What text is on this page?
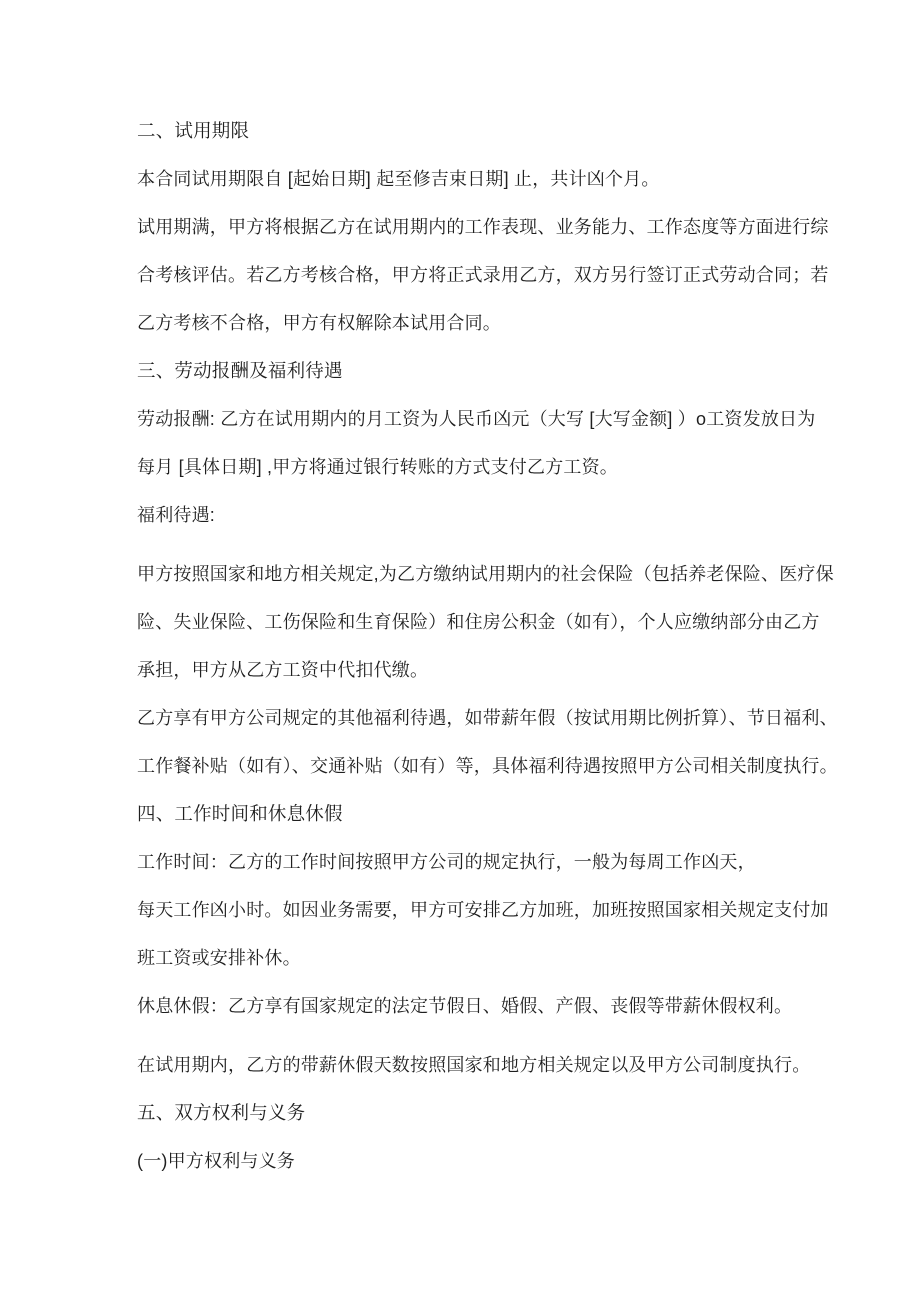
二、试用期限

本合同试用期限自 [起始日期] 起至修吉束日期] 止，共计凶个月。

试用期满，甲方将根据乙方在试用期内的工作表现、业务能力、工作态度等方面进行综
合考核评估。若乙方考核合格，甲方将正式录用乙方，双方另行签订正式劳动合同；若
乙方考核不合格，甲方有权解除本试用合同。

三、劳动报酬及福利待遇

劳动报酬: 乙方在试用期内的月工资为人民币凶元（大写 [大写金额] ）o工资发放日为
每月 [具体日期] ,甲方将通过银行转账的方式支付乙方工资。

福利待遇:

甲方按照国家和地方相关规定,为乙方缴纳试用期内的社会保险（包括养老保险、医疗保
险、失业保险、工伤保险和生育保险）和住房公积金（如有），个人应缴纳部分由乙方
承担，甲方从乙方工资中代扣代缴。

乙方享有甲方公司规定的其他福利待遇，如带薪年假（按试用期比例折算）、节日福利、
工作餐补贴（如有）、交通补贴（如有）等，具体福利待遇按照甲方公司相关制度执行。

四、工作时间和休息休假

工作时间：乙方的工作时间按照甲方公司的规定执行，一般为每周工作凶天，

每天工作凶小时。如因业务需要，甲方可安排乙方加班，加班按照国家相关规定支付加
班工资或安排补休。

休息休假：乙方享有国家规定的法定节假日、婚假、产假、丧假等带薪休假权利。

在试用期内，乙方的带薪休假天数按照国家和地方相关规定以及甲方公司制度执行。

五、双方权利与义务

(一)甲方权利与义务
